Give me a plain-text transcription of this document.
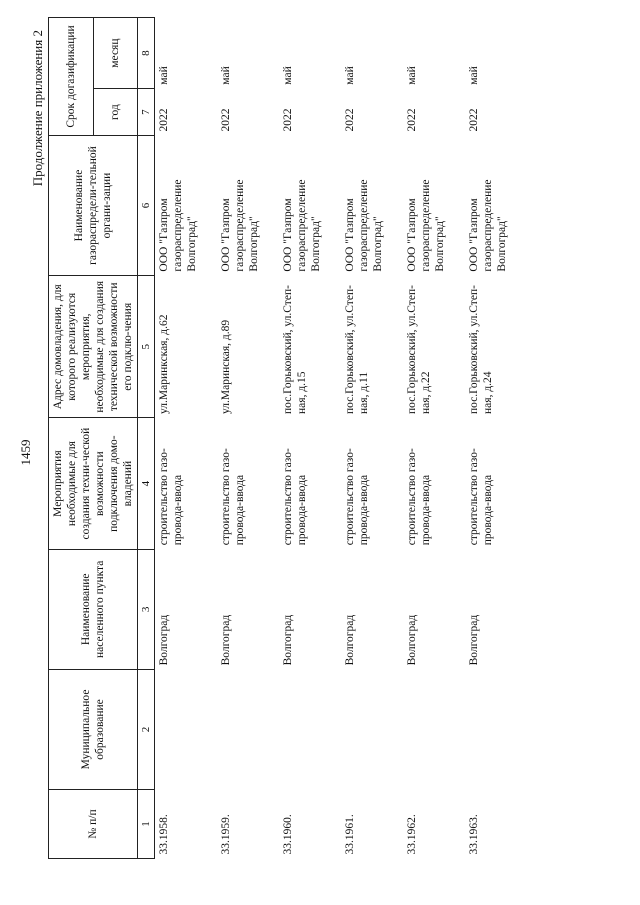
1459
Продолжение приложения 2
№ п/п	Муниципальное образование	Наименование населенного пункта	Мероприятия необходимые для создания техни-ческой возможности подключения домо-владений	Адрес домовладения, для которого реализуются мероприятия, необходимые для создания технической возможности его подклю-чения	Наименование газораспредели-тельной органи-зации	Срок догазификации	
						год	месяц
1	2	3	4	5	6	7	8
33.1958.		Волгоград	строительство газо-провода-ввода	ул.Маринкская, д.62	ООО "Газпром газораспределение Волгоград"	2022	май
33.1959.		Волгоград	строительство газо-провода-ввода	ул.Маринская, д.89	ООО "Газпром газораспределение Волгоград"	2022	май
33.1960.		Волгоград	строительство газо-провода-ввода	пос.Горьковский, ул.Степ-ная, д.15	ООО "Газпром газораспределение Волгоград"	2022	май
33.1961.		Волгоград	строительство газо-провода-ввода	пос.Горьковский, ул.Степ-ная, д.11	ООО "Газпром газораспределение Волгоград"	2022	май
33.1962.		Волгоград	строительство газо-провода-ввода	пос.Горьковский, ул.Степ-ная, д.22	ООО "Газпром газораспределение Волгоград"	2022	май
33.1963.		Волгоград	строительство газо-провода-ввода	пос.Горьковский, ул.Степ-ная, д.24	ООО "Газпром газораспределение Волгоград"	2022	май
